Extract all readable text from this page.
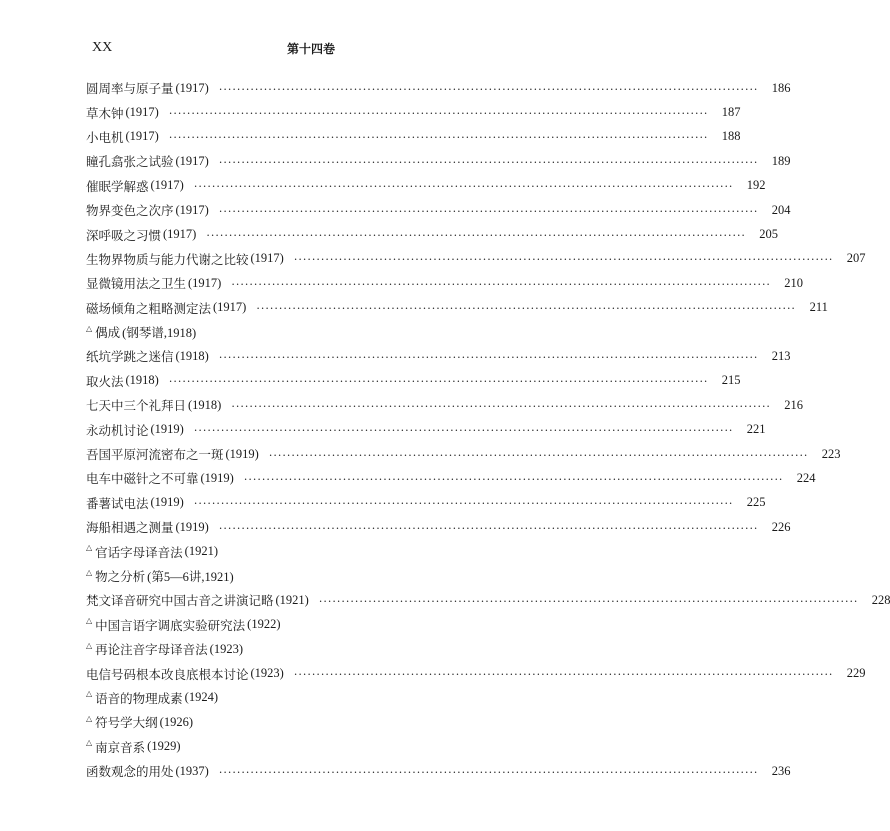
XX	第十四卷
圆周率与原子量 (1917) ························································································································	186
草木钟 (1917) ························································································································	187
小电机 (1917) ························································································································	188
瞳孔翕张之试验 (1917) ························································································································	189
催眠学解惑 (1917) ························································································································	192
物界变色之次序 (1917) ························································································································	204
深呼吸之习惯 (1917) ························································································································	205
生物界物质与能力代谢之比较 (1917) ························································································································	207
显微镜用法之卫生 (1917) ························································································································	210
磁场倾角之粗略测定法 (1917) ························································································································	211
△ 偶成 (钢琴谱,1918)
纸坑学跳之迷信 (1918) ························································································································	213
取火法 (1918) ························································································································	215
七天中三个礼拜日 (1918) ························································································································	216
永动机讨论 (1919) ························································································································	221
吾国平原河流密布之一斑 (1919) ························································································································	223
电车中磁针之不可靠 (1919) ························································································································	224
番薯试电法 (1919) ························································································································	225
海船相遇之测量 (1919) ························································································································	226
△ 官话字母译音法 (1921)
△ 物之分析 (第5—6讲,1921)
梵文译音研究中国古音之讲演记略 (1921) ························································································································	228
△ 中国言语字调底实验研究法 (1922)
△ 再论注音字母译音法 (1923)
电信号码根本改良底根本讨论 (1923) ························································································································	229
△ 语音的物理成素 (1924)
△ 符号学大纲 (1926)
△ 南京音系 (1929)
函数观念的用处 (1937) ························································································································	236
